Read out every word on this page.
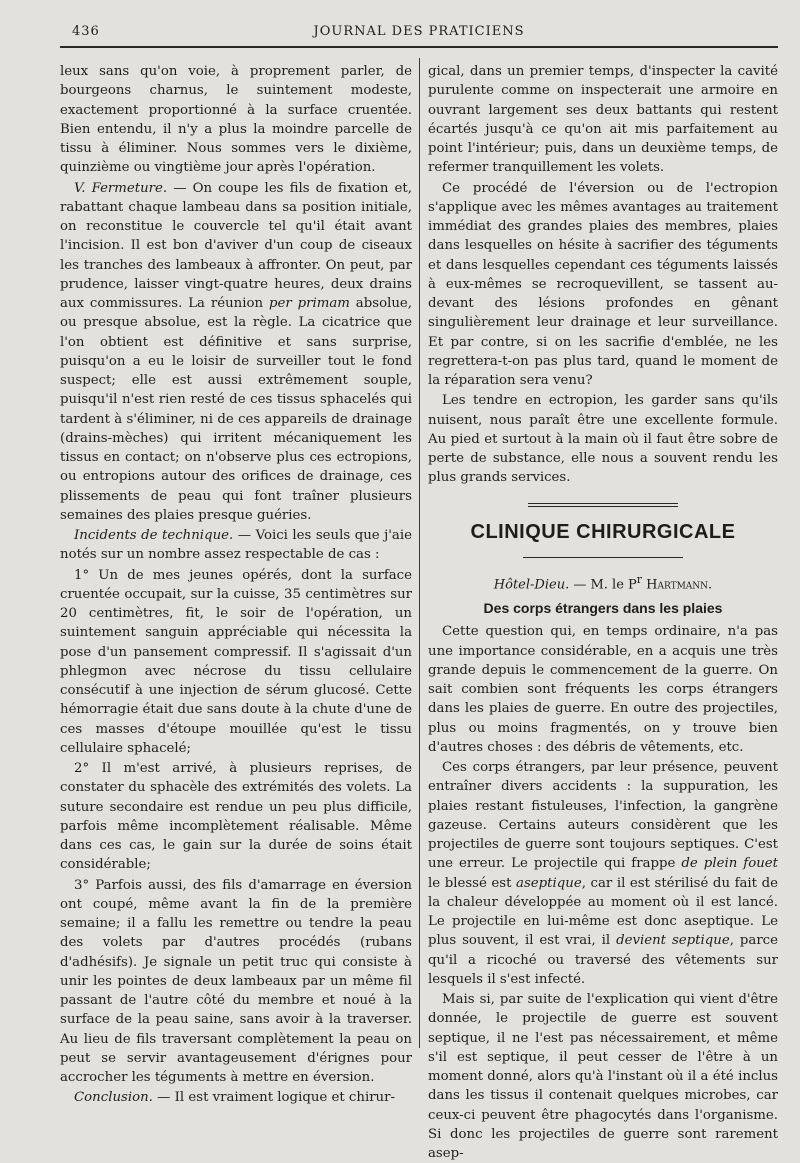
436	JOURNAL DES PRATICIENS

leux sans qu'on voie, à proprement parler, de bourgeons charnus, le suintement modeste, exactement proportionné à la surface cruentée. Bien entendu, il n'y a plus la moindre parcelle de tissu à éliminer. Nous sommes vers le dixième, quinzième ou vingtième jour après l'opération.

V. Fermeture. — On coupe les fils de fixation et, rabattant chaque lambeau dans sa position initiale, on reconstitue le couvercle tel qu'il était avant l'incision. Il est bon d'aviver d'un coup de ciseaux les tranches des lambeaux à affronter. On peut, par prudence, laisser vingt-quatre heures, deux drains aux commissures. La réunion per primam absolue, ou presque absolue, est la règle. La cicatrice que l'on obtient est définitive et sans surprise, puisqu'on a eu le loisir de surveiller tout le fond suspect; elle est aussi extrêmement souple, puisqu'il n'est rien resté de ces tissus sphacelés qui tardent à s'éliminer, ni de ces appareils de drainage (drains-mèches) qui irritent mécaniquement les tissus en contact; on n'observe plus ces ectropions, ou entropions autour des orifices de drainage, ces plissements de peau qui font traîner plusieurs semaines des plaies presque guéries.

Incidents de technique. — Voici les seuls que j'aie notés sur un nombre assez respectable de cas :

1° Un de mes jeunes opérés, dont la surface cruentée occupait, sur la cuisse, 35 centimètres sur 20 centimètres, fit, le soir de l'opération, un suintement sanguin appréciable qui nécessita la pose d'un pansement compressif. Il s'agissait d'un phlegmon avec nécrose du tissu cellulaire consécutif à une injection de sérum glucosé. Cette hémorragie était due sans doute à la chute d'une de ces masses d'étoupe mouillée qu'est le tissu cellulaire sphacelé;

2° Il m'est arrivé, à plusieurs reprises, de constater du sphacèle des extrémités des volets. La suture secondaire est rendue un peu plus difficile, parfois même incomplètement réalisable. Même dans ces cas, le gain sur la durée de soins était considérable;

3° Parfois aussi, des fils d'amarrage en éversion ont coupé, même avant la fin de la première semaine; il a fallu les remettre ou tendre la peau des volets par d'autres procédés (rubans d'adhésifs). Je signale un petit truc qui consiste à unir les pointes de deux lambeaux par un même fil passant de l'autre côté du membre et noué à la surface de la peau saine, sans avoir à la traverser. Au lieu de fils traversant complètement la peau on peut se servir avantageusement d'érignes pour accrocher les téguments à mettre en éversion.

Conclusion. — Il est vraiment logique et chirur-

gical, dans un premier temps, d'inspecter la cavité purulente comme on inspecterait une armoire en ouvrant largement ses deux battants qui restent écartés jusqu'à ce qu'on ait mis parfaitement au point l'intérieur; puis, dans un deuxième temps, de refermer tranquillement les volets.

Ce procédé de l'éversion ou de l'ectropion s'applique avec les mêmes avantages au traitement immédiat des grandes plaies des membres, plaies dans lesquelles on hésite à sacrifier des téguments et dans lesquelles cependant ces téguments laissés à eux-mêmes se recroquevillent, se tassent au-devant des lésions profondes en gênant singulièrement leur drainage et leur surveillance. Et par contre, si on les sacrifie d'emblée, ne les regrettera-t-on pas plus tard, quand le moment de la réparation sera venu?

Les tendre en ectropion, les garder sans qu'ils nuisent, nous paraît être une excellente formule. Au pied et surtout à la main où il faut être sobre de perte de substance, elle nous a souvent rendu les plus grands services.

CLINIQUE CHIRURGICALE
Hôtel-Dieu. — M. le $P^r$ Hartmann.
Des corps étrangers dans les plaies

Cette question qui, en temps ordinaire, n'a pas une importance considérable, en a acquis une très grande depuis le commencement de la guerre. On sait combien sont fréquents les corps étrangers dans les plaies de guerre. En outre des projectiles, plus ou moins fragmentés, on y trouve bien d'autres choses : des débris de vêtements, etc.

Ces corps étrangers, par leur présence, peuvent entraîner divers accidents : la suppuration, les plaies restant fistuleuses, l'infection, la gangrène gazeuse. Certains auteurs considèrent que les projectiles de guerre sont toujours septiques. C'est une erreur. Le projectile qui frappe de plein fouet le blessé est aseptique, car il est stérilisé du fait de la chaleur développée au moment où il est lancé. Le projectile en lui-même est donc aseptique. Le plus souvent, il est vrai, il devient septique, parce qu'il a ricoché ou traversé des vêtements sur lesquels il s'est infecté.

Mais si, par suite de l'explication qui vient d'être donnée, le projectile de guerre est souvent septique, il ne l'est pas nécessairement, et même s'il est septique, il peut cesser de l'être à un moment donné, alors qu'à l'instant où il a été inclus dans les tissus il contenait quelques microbes, car ceux-ci peuvent être phagocytés dans l'organisme. Si donc les projectiles de guerre sont rarement asep-
